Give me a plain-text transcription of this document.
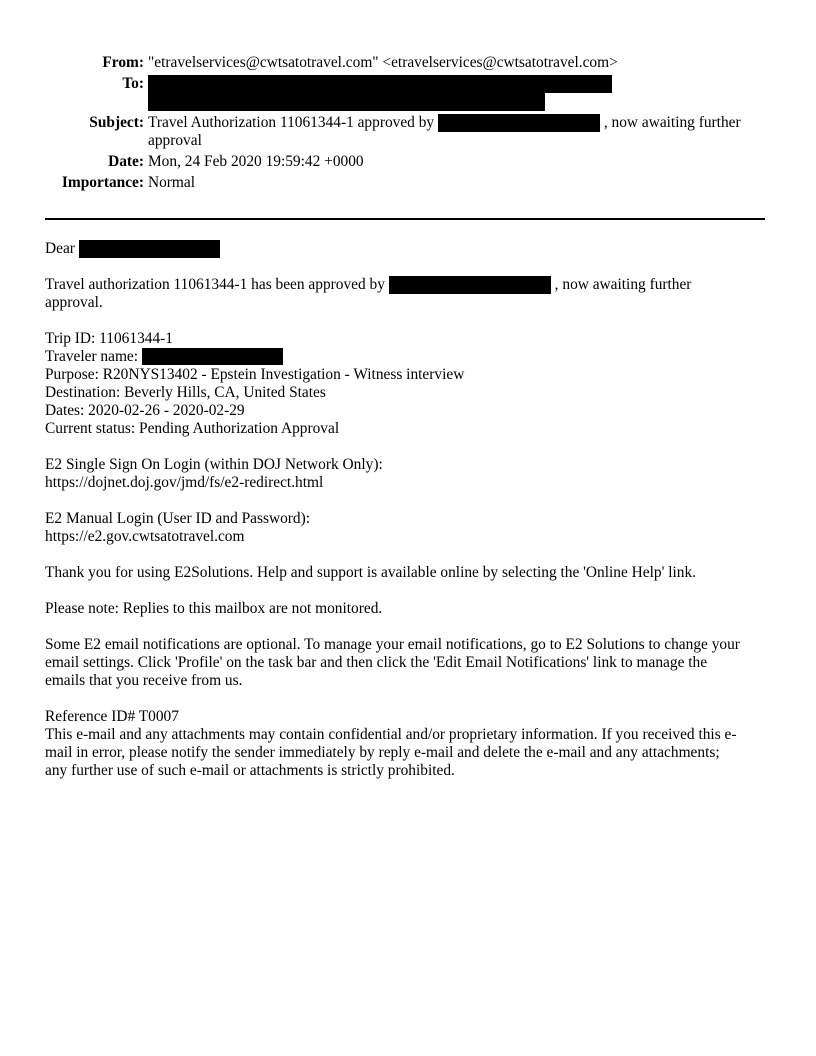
From: "etravelservices@cwtsatotravel.com" <etravelservices@cwtsatotravel.com>
To:

Subject: Travel Authorization 11061344-1 approved by	, now awaiting further
approval
Date: Mon, 24 Feb 2020 19:59:42 +0000
Importance: Normal
Dear
Travel authorization 11061344-1 has been approved by	, now awaiting further
approval.
Trip ID: 11061344-1
Traveler name:
Purpose: R20NYS13402 - Epstein Investigation - Witness interview
Destination: Beverly Hills, CA, United States
Dates: 2020-02-26 - 2020-02-29
Current status: Pending Authorization Approval
E2 Single Sign On Login (within DOJ Network Only):
https://dojnet.doj.gov/jmd/fs/e2-redirect.html
E2 Manual Login (User ID and Password):
https://e2.gov.cwtsatotravel.com
Thank you for using E2Solutions. Help and support is available online by selecting the 'Online Help' link.
Please note: Replies to this mailbox are not monitored.
Some E2 email notifications are optional. To manage your email notifications, go to E2 Solutions to change your
email settings. Click 'Profile' on the task bar and then click the 'Edit Email Notifications' link to manage the
emails that you receive from us.
Reference ID# T0007
This e-mail and any attachments may contain confidential and/or proprietary information. If you received this e-
mail in error, please notify the sender immediately by reply e-mail and delete the e-mail and any attachments;
any further use of such e-mail or attachments is strictly prohibited.
